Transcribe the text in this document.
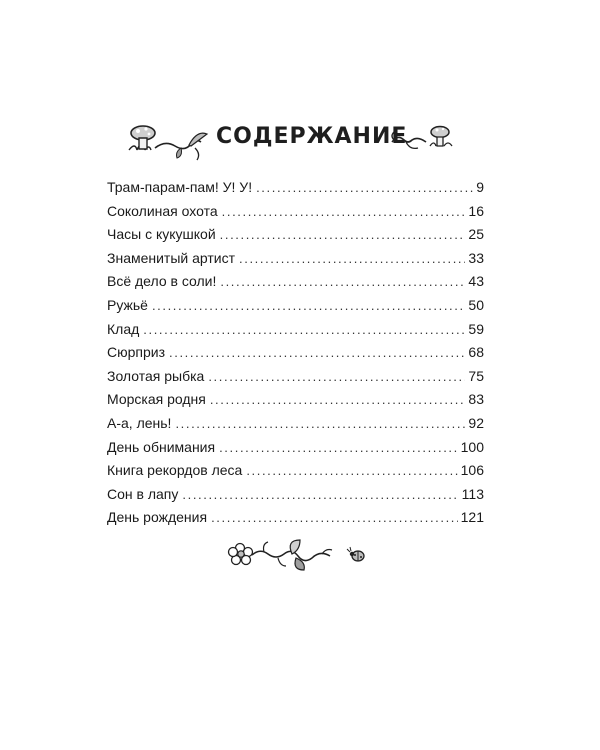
СОДЕРЖАНИЕ
Трам-парам-пам! У! У! .....	9
Соколиная охота .....	16
Часы с кукушкой .....	25
Знаменитый артист .....	33
Всё дело в соли! .....	43
Ружьё .....	50
Клад .....	59
Сюрприз .....	68
Золотая рыбка .....	75
Морская родня .....	83
А-а, лень! .....	92
День обнимания .....	100
Книга рекордов леса .....	106
Сон в лапу .....	113
День рождения .....	121
